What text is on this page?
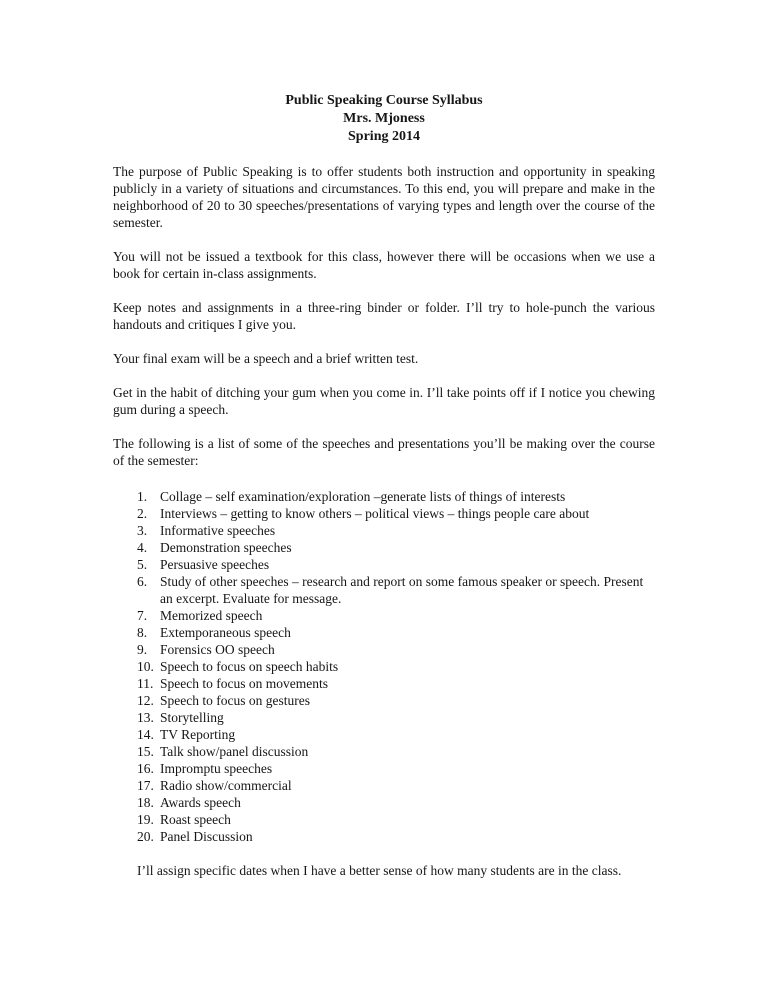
Public Speaking Course Syllabus
Mrs. Mjoness
Spring 2014

The purpose of Public Speaking is to offer students both instruction and opportunity in speaking publicly in a variety of situations and circumstances. To this end, you will prepare and make in the neighborhood of 20 to 30 speeches/presentations of varying types and length over the course of the semester.

You will not be issued a textbook for this class, however there will be occasions when we use a book for certain in-class assignments.

Keep notes and assignments in a three-ring binder or folder. I’ll try to hole-punch the various handouts and critiques I give you.

Your final exam will be a speech and a brief written test.

Get in the habit of ditching your gum when you come in. I’ll take points off if I notice you chewing gum during a speech.

The following is a list of some of the speeches and presentations you’ll be making over the course of the semester:

1. Collage – self examination/exploration –generate lists of things of interests
2. Interviews – getting to know others – political views – things people care about
3. Informative speeches
4. Demonstration speeches
5. Persuasive speeches
6. Study of other speeches – research and report on some famous speaker or speech. Present an excerpt. Evaluate for message.
7. Memorized speech
8. Extemporaneous speech
9. Forensics OO speech
10. Speech to focus on speech habits
11. Speech to focus on movements
12. Speech to focus on gestures
13. Storytelling
14. TV Reporting
15. Talk show/panel discussion
16. Impromptu speeches
17. Radio show/commercial
18. Awards speech
19. Roast speech
20. Panel Discussion

I’ll assign specific dates when I have a better sense of how many students are in the class.
